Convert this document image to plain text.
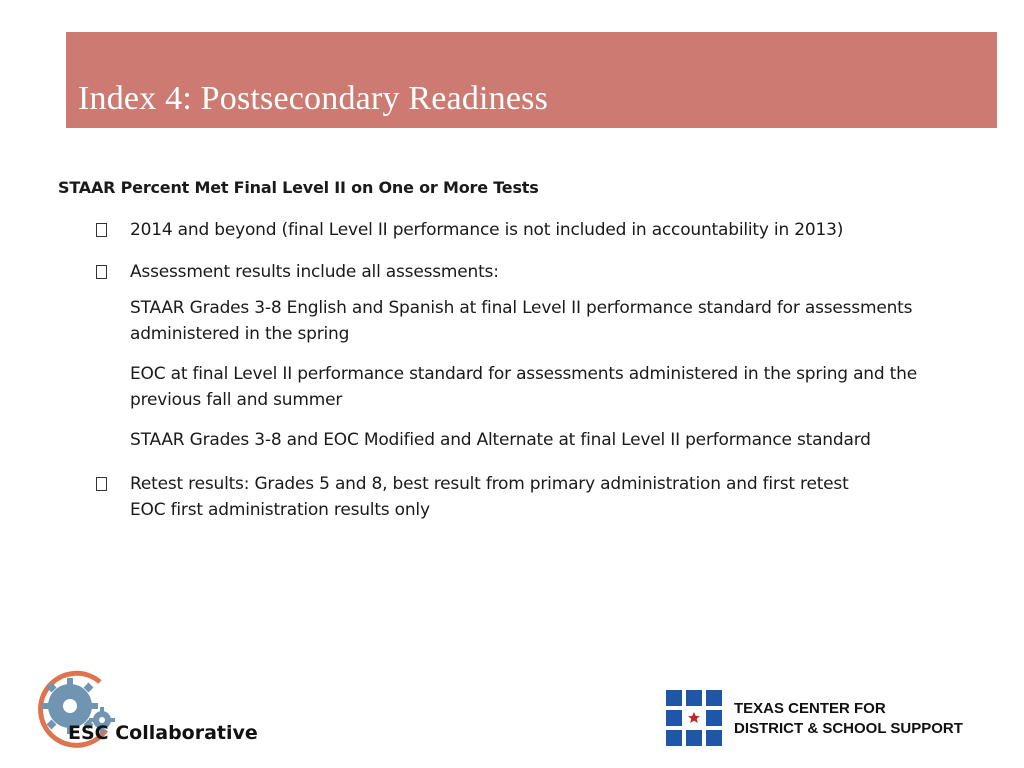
Index 4: Postsecondary Readiness
STAAR Percent Met Final Level II on One or More Tests
2014 and beyond (final Level II performance is not included in accountability in 2013)
Assessment results include all assessments:
STAAR Grades 3-8 English and Spanish at final Level II performance standard for assessments administered in the spring
EOC at final Level II performance standard for assessments administered in the spring and the previous fall and summer
STAAR Grades 3-8 and EOC Modified and Alternate at final Level II performance standard
Retest results: Grades 5 and 8, best result from primary administration and first retest
EOC first administration results only
ESC Collaborative
TEXAS CENTER FOR
DISTRICT & SCHOOL SUPPORT
